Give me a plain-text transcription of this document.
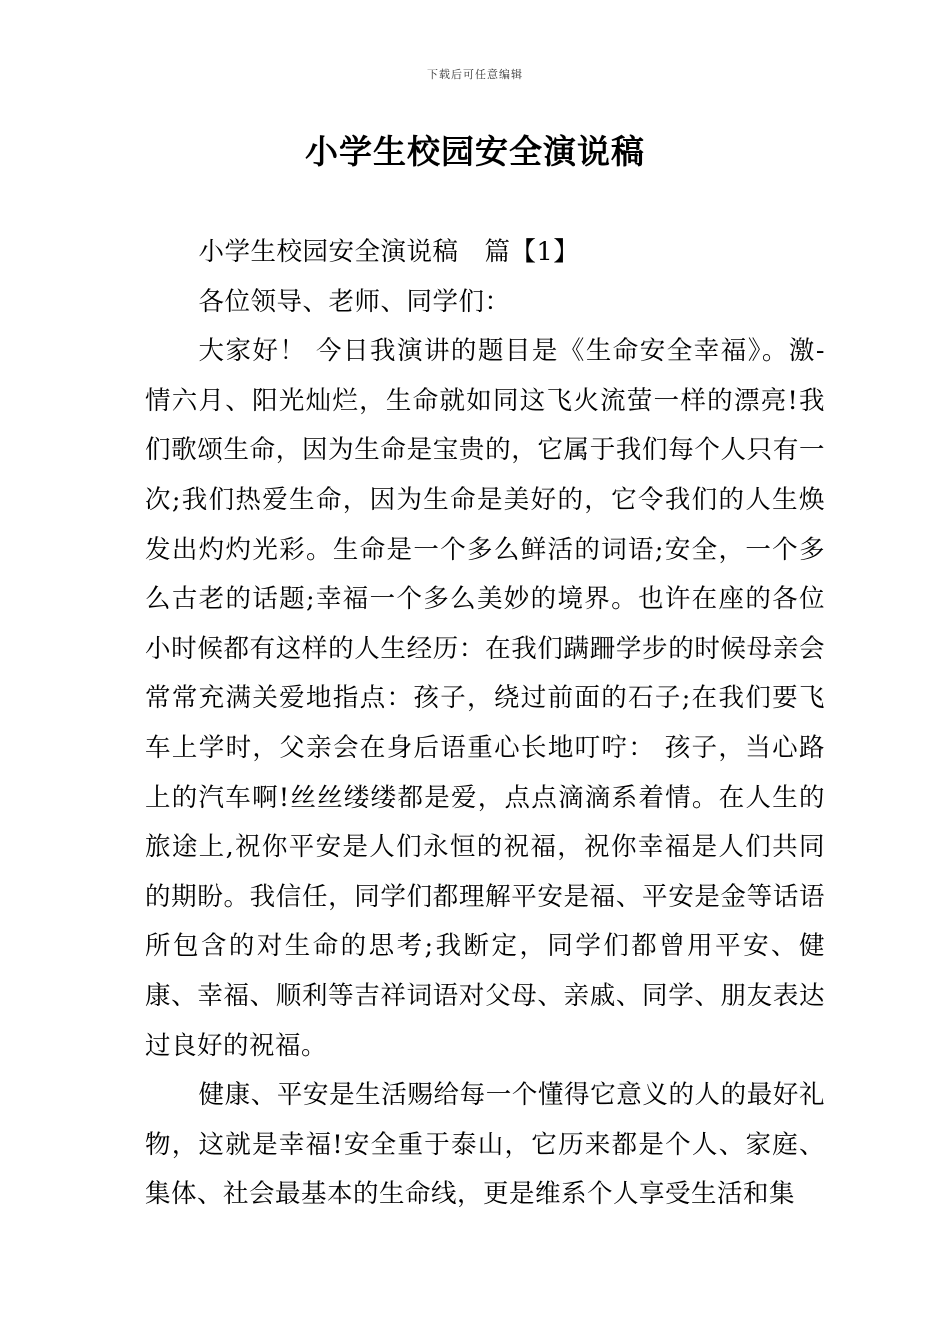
下载后可任意编辑
小学生校园安全演说稿

小学生校园安全演说稿　篇【1】

各位领导、老师、同学们：

大家好！ 今日我演讲的题目是《生命安全幸福》。激-情六月、阳光灿烂，生命就如同这飞火流萤一样的漂亮!我们歌颂生命，因为生命是宝贵的，它属于我们每个人只有一次;我们热爱生命，因为生命是美好的，它令我们的人生焕发出灼灼光彩。生命是一个多么鲜活的词语;安全，一个多么古老的话题;幸福一个多么美妙的境界。也许在座的各位小时候都有这样的人生经历：在我们蹒跚学步的时候母亲会常常充满关爱地指点：孩子，绕过前面的石子;在我们要飞车上学时，父亲会在身后语重心长地叮咛： 孩子，当心路上的汽车啊!丝丝缕缕都是爱，点点滴滴系着情。在人生的旅途上,祝你平安是人们永恒的祝福，祝你幸福是人们共同的期盼。我信任，同学们都理解平安是福、平安是金等话语所包含的对生命的思考;我断定，同学们都曾用平安、健康、幸福、顺利等吉祥词语对父母、亲戚、同学、朋友表达过良好的祝福。

健康、平安是生活赐给每一个懂得它意义的人的最好礼物，这就是幸福!安全重于泰山，它历来都是个人、家庭、集体、社会最基本的生命线，更是维系个人享受生活和集
